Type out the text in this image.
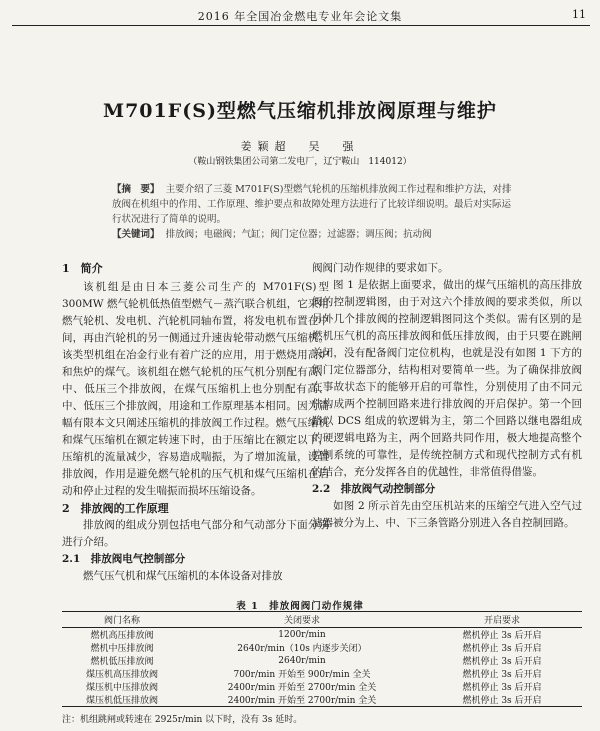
2016 年全国冶金燃电专业年会论文集	11
M701F(S)型燃气压缩机排放阀原理与维护
姜颖超　吴　强
（鞍山钢铁集团公司第二发电厂，辽宁鞍山　114012）
【摘　要】 主要介绍了三菱 M701F(S)型燃气轮机的压缩机排放阀工作过程和维护方法，对排放阀在机组中的作用、工作原理、维护要点和故障处理方法进行了比较详细说明。最后对实际运行状况进行了简单的说明。
【关键词】 排放阀；电磁阀；气缸；阀门定位器；过滤器；调压阀；抗动阀
1　简介

该机组是由日本三菱公司生产的 M701F(S)型 300MW 燃气轮机低热值型燃气－蒸汽联合机组，它采用燃气轮机、发电机、汽轮机同轴布置，将发电机布置在中间，再由汽轮机的另一侧通过升速齿轮带动燃气压缩机。该类型机组在冶金行业有着广泛的应用，用于燃烧用高炉和焦炉的煤气。该机组在燃气轮机的压气机分别配有高、中、低压三个排放阀，在煤气压缩机上也分别配有高、中、低压三个排放阀，用途和工作原理基本相同。因为篇幅有限本文只阐述压缩机的排放阀工作过程。燃气压缩机和煤气压缩机在额定转速下时，由于压缩比在额定以下，压缩机的流量减少，容易造成喘振，为了增加流量，设置排放阀，作用是避免燃气轮机的压气机和煤气压缩机在启动和停止过程的发生喘振而损坏压缩设备。

2　排放阀的工作原理

排放阀的组成分别包括电气部分和气动部分下面分别进行介绍。

2.1　排放阀电气控制部分

燃气压气机和煤气压缩机的本体设备对排放

阀阀门动作规律的要求如下。

图 1 是依据上面要求，做出的煤气压缩机的高压排放阀的控制逻辑图，由于对这六个排放阀的要求类似，所以另外几个排放阀的控制逻辑图同这个类似。需有区别的是燃机压气机的高压排放阀和低压排放阀，由于只要在跳闸关闭，没有配备阀门定位机构，也就是没有如图 1 下方的阀门定位器部分，结构相对要简单一些。为了确保排放阀在事故状态下的能够开启的可靠性，分别使用了由不同元件构成两个控制回路来进行排放阀的开启保护。第一个回路以 DCS 组成的软逻辑为主，第二个回路以继电器组成的硬逻辑电路为主，两个回路共同作用，极大地提高整个控制系统的可靠性，是传统控制方式和现代控制方式有机的结合，充分发挥各自的优越性，非常值得借鉴。

2.2　排放阀气动控制部分

如图 2 所示首先由空压机站来的压缩空气进入空气过滤器被分为上、中、下三条管路分别进入各自控制回路。

表 1　排放阀阀门动作规律
阀门名称	关闭要求	开启要求
燃机高压排放阀	1200r/min	燃机停止 3s 后开启
燃机中压排放阀	2640r/min（10s 内逐步关闭）	燃机停止 3s 后开启
燃机低压排放阀	2640r/min	燃机停止 3s 后开启
煤压机高压排放阀	700r/min 开始至 900r/min 全关	燃机停止 3s 后开启
煤压机中压排放阀	2400r/min 开始至 2700r/min 全关	燃机停止 3s 后开启
煤压机低压排放阀	2400r/min 开始至 2700r/min 全关	燃机停止 3s 后开启
注：机组跳闸或转速在 2925r/min 以下时，没有 3s 延时。
